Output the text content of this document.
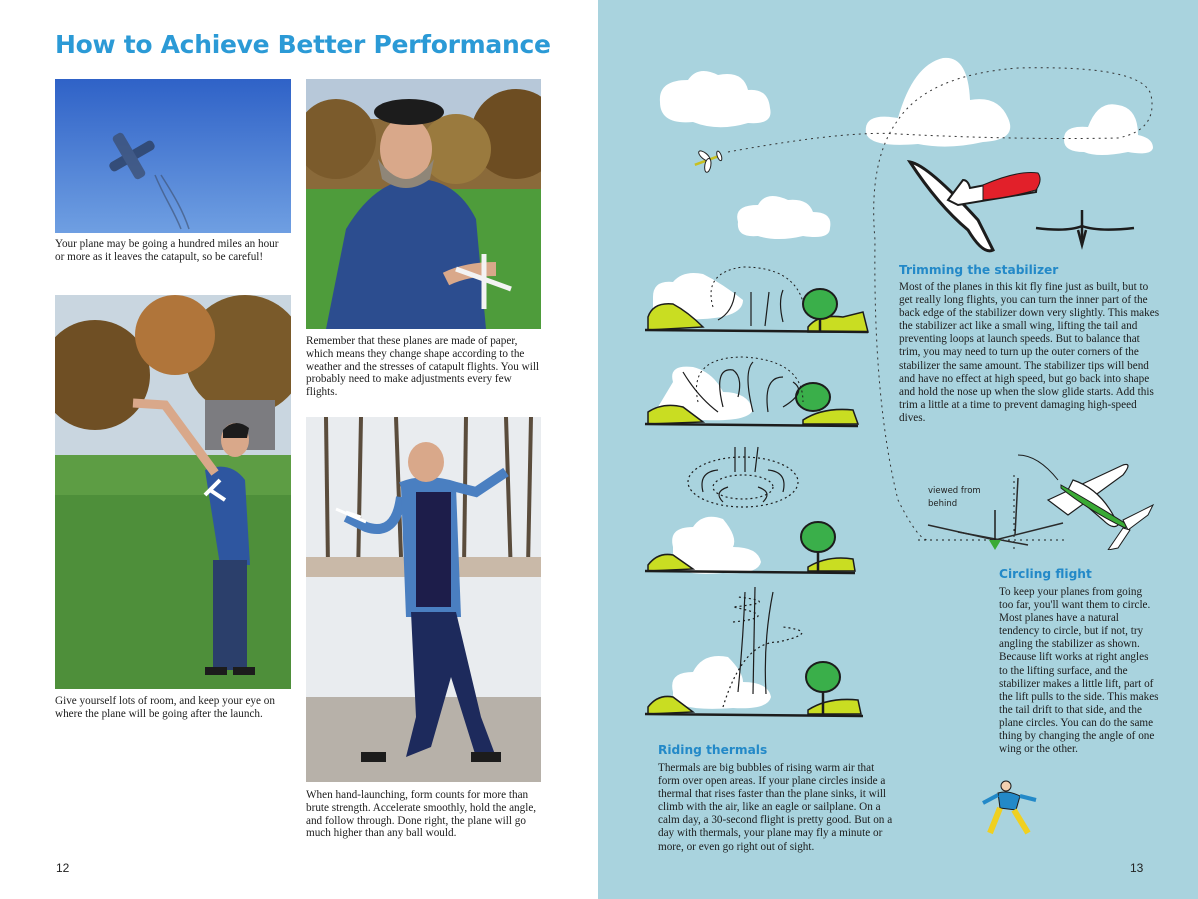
How to Achieve Better Performance
Your plane may be going a hundred miles an hour or more as it leaves the catapult, so be careful!
Remember that these planes are made of paper, which means they change shape according to the weather and the stresses of catapult flights. You will probably need to make adjustments every few flights.
Give yourself lots of room, and keep your eye on where the plane will be going after the launch.
When hand-launching, form counts for more than brute strength. Accelerate smoothly, hold the angle, and follow through. Done right, the plane will go much higher than any ball would.
12
Trimming the stabilizer
Most of the planes in this kit fly fine just as built, but to get really long flights, you can turn the inner part of the back edge of the stabilizer down very slightly. This makes the stabilizer act like a small wing, lifting the tail and preventing loops at launch speeds. But to balance that trim, you may need to turn up the outer corners of the stabilizer the same amount. The stabilizer tips will bend and have no effect at high speed, but go back into shape and hold the nose up when the slow glide starts. Add this trim a little at a time to prevent damaging high-speed dives.
viewed from behind
Circling flight
To keep your planes from going too far, you'll want them to circle. Most planes have a natural tendency to circle, but if not, try angling the stabilizer as shown. Because lift works at right angles to the lifting surface, and the stabilizer makes a little lift, part of the lift pulls to the side. This makes the tail drift to that side, and the plane circles. You can do the same thing by changing the angle of one wing or the other.
Riding thermals
Thermals are big bubbles of rising warm air that form over open areas. If your plane circles inside a thermal that rises faster than the plane sinks, it will climb with the air, like an eagle or sailplane. On a calm day, a 30-second flight is pretty good. But on a day with thermals, your plane may fly a minute or more, or even go right out of sight.
13
